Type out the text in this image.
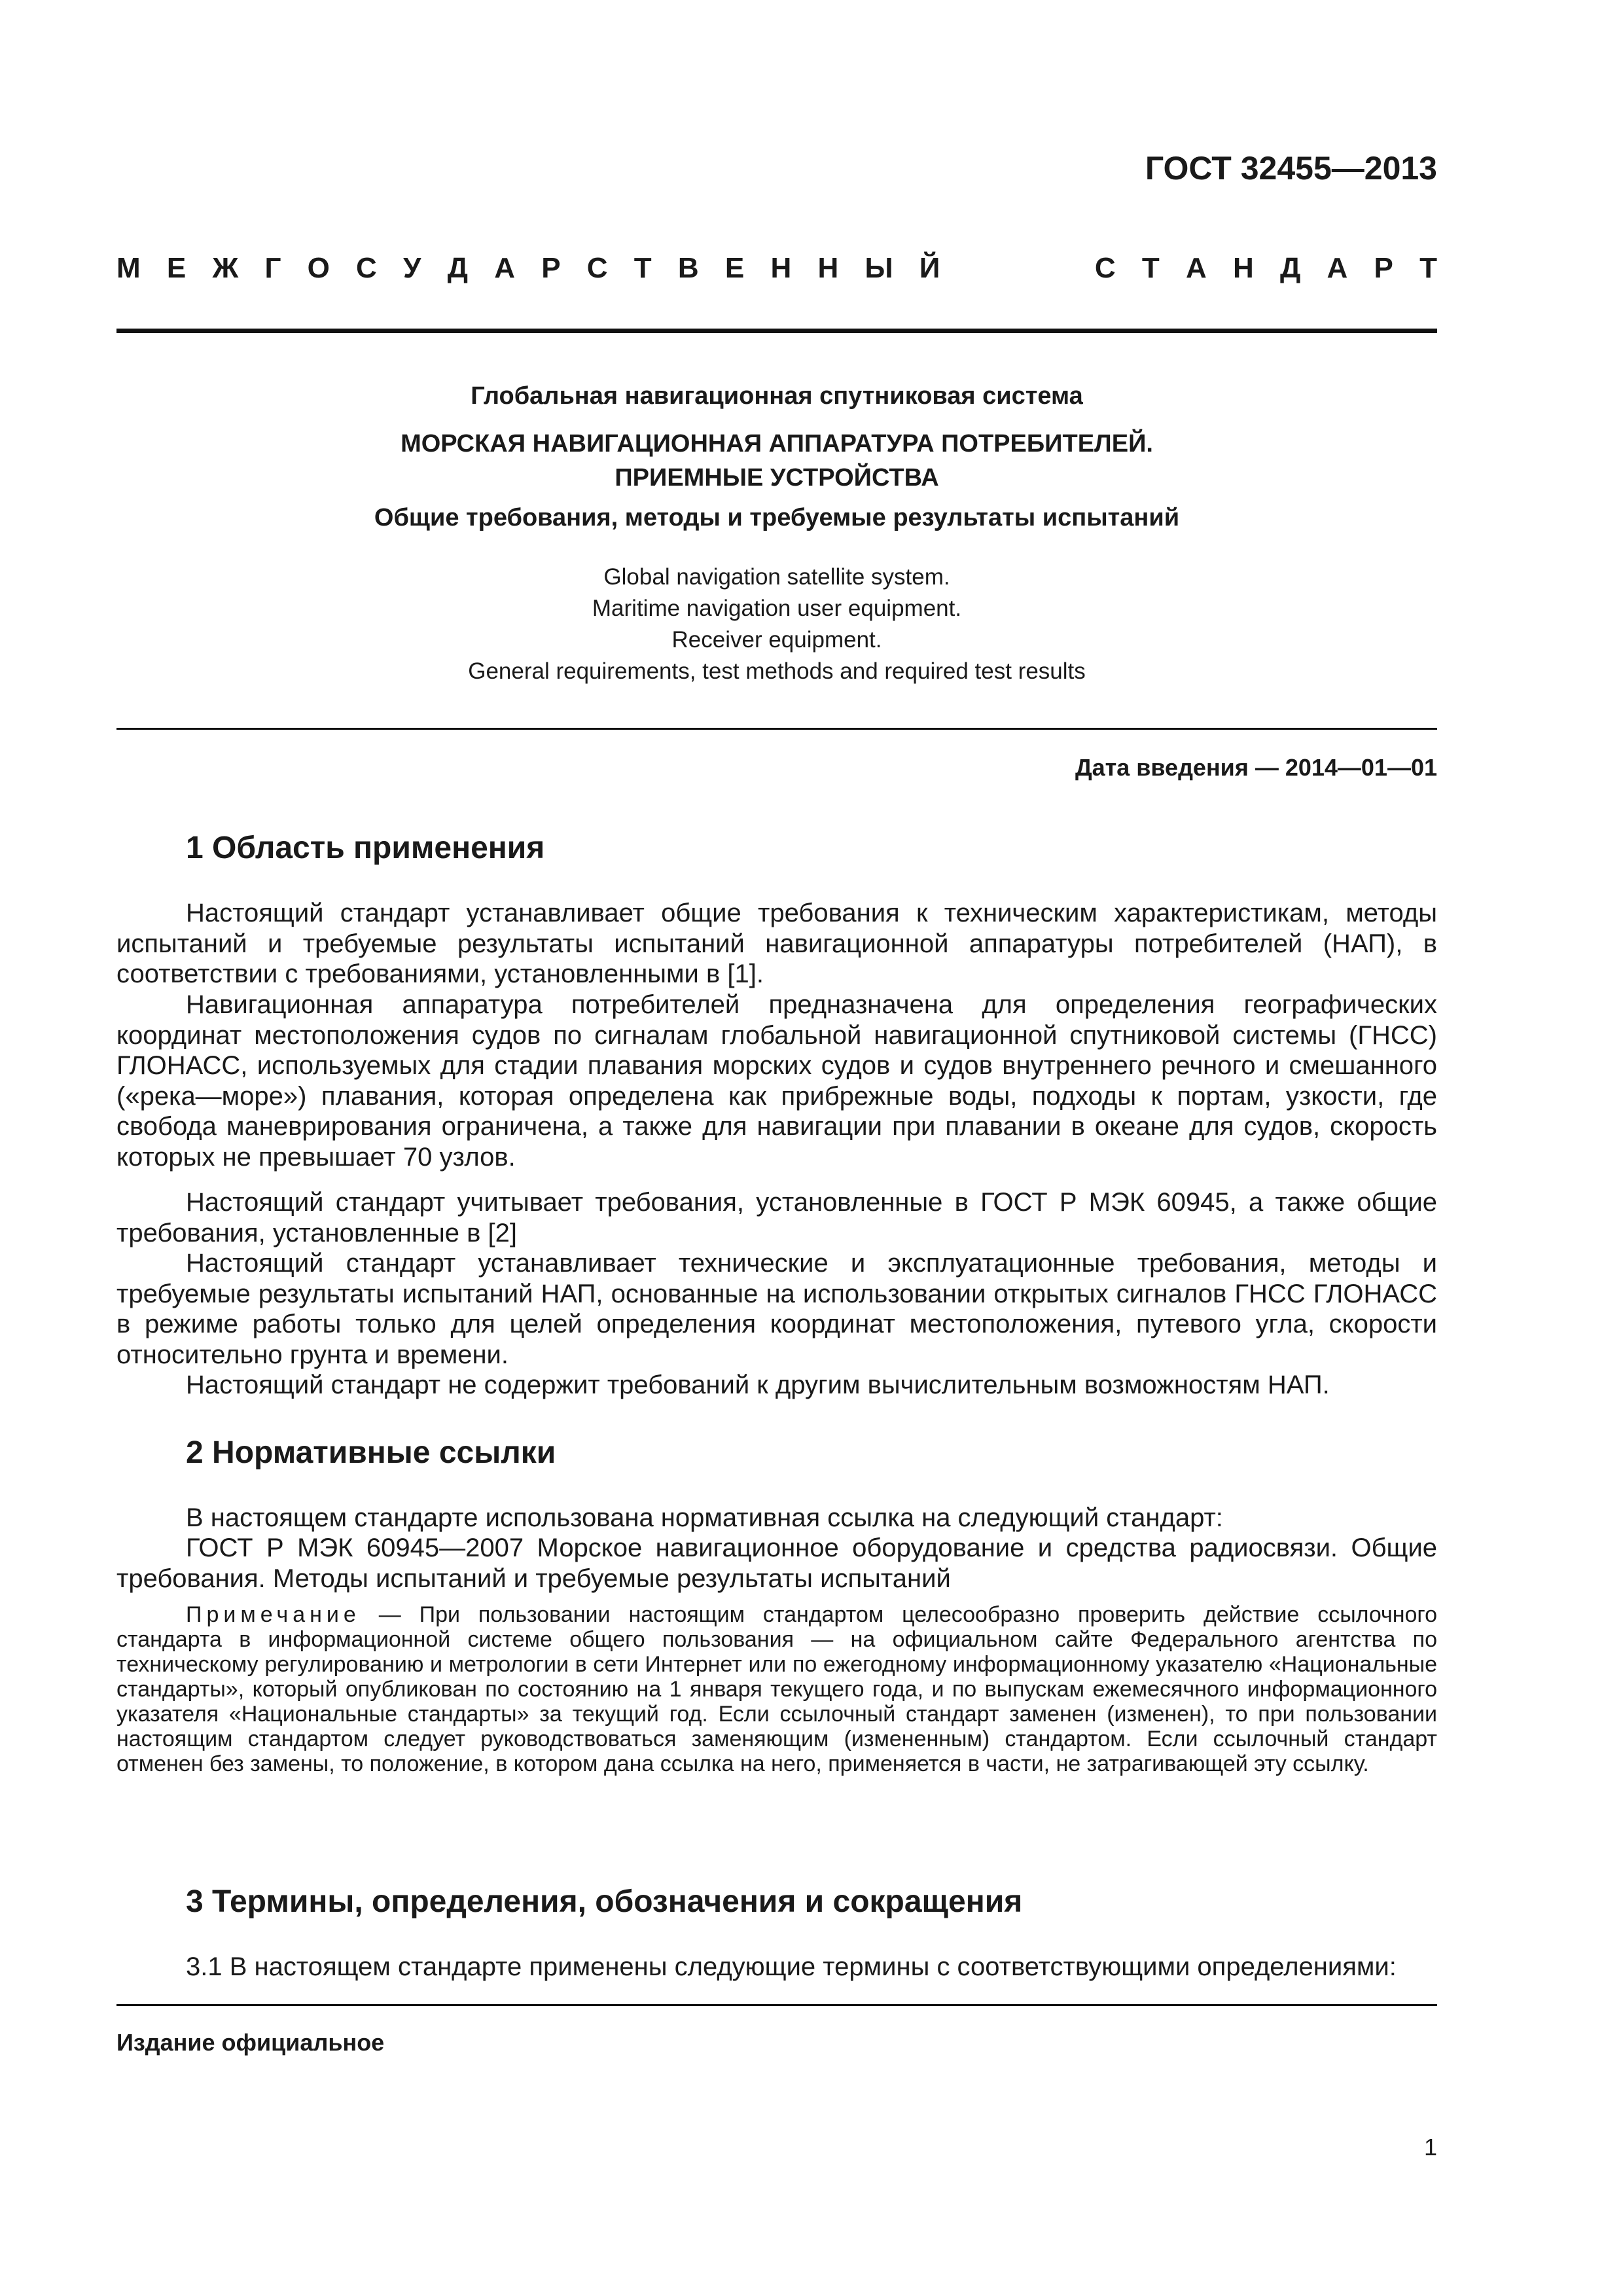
ГОСТ 32455—2013
М Е Ж Г О С У Д А Р С Т В Е Н Н Ы Й	С Т А Н Д А Р Т
Глобальная навигационная спутниковая система
МОРСКАЯ НАВИГАЦИОННАЯ АППАРАТУРА ПОТРЕБИТЕЛЕЙ.
ПРИЕМНЫЕ УСТРОЙСТВА
Общие требования, методы и требуемые результаты испытаний
Global navigation satellite system.
Maritime navigation user equipment.
Receiver equipment.
General requirements, test methods and required test results
Дата введения — 2014—01—01
1 Область применения
Настоящий стандарт устанавливает общие требования к техническим характеристикам, методы испытаний и требуемые результаты испытаний навигационной аппаратуры потребителей (НАП), в соответствии с требованиями, установленными в [1].
Навигационная аппаратура потребителей предназначена для определения географических координат местоположения судов по сигналам глобальной навигационной спутниковой системы (ГНСС) ГЛОНАСС, используемых для стадии плавания морских судов и судов внутреннего речного и смешанного («река—море») плавания, которая определена как прибрежные воды, подходы к портам, узкости, где свобода маневрирования ограничена, а также для навигации при плавании в океане для судов, скорость которых не превышает 70 узлов.
Настоящий стандарт учитывает требования, установленные в ГОСТ Р МЭК 60945, а также общие требования, установленные в [2]
Настоящий стандарт устанавливает технические и эксплуатационные требования, методы и требуемые результаты испытаний НАП, основанные на использовании открытых сигналов ГНСС ГЛОНАСС в режиме работы только для целей определения координат местоположения, путевого угла, скорости относительно грунта и времени.
Настоящий стандарт не содержит требований к другим вычислительным возможностям НАП.
2 Нормативные ссылки
В настоящем стандарте использована нормативная ссылка на следующий стандарт:
ГОСТ Р МЭК 60945—2007 Морское навигационное оборудование и средства радиосвязи. Общие требования. Методы испытаний и требуемые результаты испытаний
Примечание — При пользовании настоящим стандартом целесообразно проверить действие ссылочного стандарта в информационной системе общего пользования — на официальном сайте Федерального агентства по техническому регулированию и метрологии в сети Интернет или по ежегодному информационному указателю «Национальные стандарты», который опубликован по состоянию на 1 января текущего года, и по выпускам ежемесячного информационного указателя «Национальные стандарты» за текущий год. Если ссылочный стандарт заменен (изменен), то при пользовании настоящим стандартом следует руководствоваться заменяющим (измененным) стандартом. Если ссылочный стандарт отменен без замены, то положение, в котором дана ссылка на него, применяется в части, не затрагивающей эту ссылку.
3 Термины, определения, обозначения и сокращения
3.1 В настоящем стандарте применены следующие термины с соответствующими определениями:
Издание официальное
1
